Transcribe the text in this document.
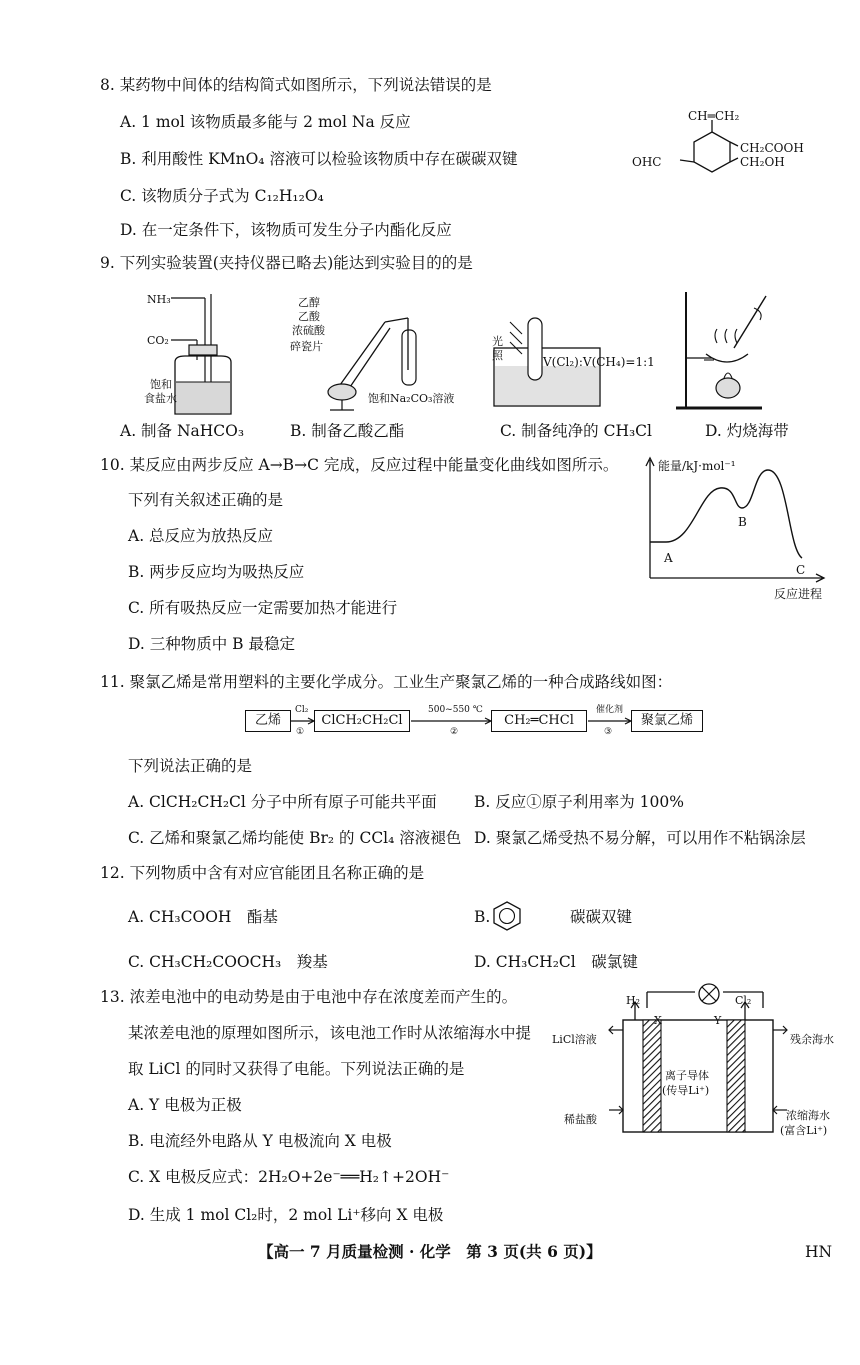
8. 某药物中间体的结构简式如图所示，下列说法错误的是
A. 1 mol 该物质最多能与 2 mol Na 反应
B. 利用酸性 KMnO₄ 溶液可以检验该物质中存在碳碳双键
C. 该物质分子式为 C₁₂H₁₂O₄
D. 在一定条件下，该物质可发生分子内酯化反应
CH═CH₂
CH₂COOH
OHC	CH₂OH
9. 下列实验装置(夹持仪器已略去)能达到实验目的的是
NH₃
CO₂
饱和
食盐水
乙醇
乙酸
浓硫酸
碎瓷片
饱和Na₂CO₃溶液
光
照	V(Cl₂):V(CH₄)=1:1
A. 制备 NaHCO₃	B. 制备乙酸乙酯	C. 制备纯净的 CH₃Cl	D. 灼烧海带
10. 某反应由两步反应 A→B→C 完成，反应过程中能量变化曲线如图所示。
下列有关叙述正确的是
A. 总反应为放热反应
B. 两步反应均为吸热反应
C. 所有吸热反应一定需要加热才能进行
D. 三种物质中 B 最稳定
能量/kJ·mol⁻¹
反应进程
A
B
C
11. 聚氯乙烯是常用塑料的主要化学成分。工业生产聚氯乙烯的一种合成路线如图：
乙烯	ClCH₂CH₂Cl	CH₂═CHCl	聚氯乙烯
Cl₂
①
500~550 ℃
②
催化剂
③
下列说法正确的是
A. ClCH₂CH₂Cl 分子中所有原子可能共平面 B. 反应①原子利用率为 100%
C. 乙烯和聚氯乙烯均能使 Br₂ 的 CCl₄ 溶液褪色 D. 聚氯乙烯受热不易分解，可以用作不粘锅涂层
12. 下列物质中含有对应官能团且名称正确的是
A. CH₃COOH　酯基	B.	碳碳双键
C. CH₃CH₂COOCH₃　羧基	D. CH₃CH₂Cl　碳氯键
13. 浓差电池中的电动势是由于电池中存在浓度差而产生的。
某浓差电池的原理如图所示，该电池工作时从浓缩海水中提
取 LiCl 的同时又获得了电能。下列说法正确的是
A. Y 电极为正极
B. 电流经外电路从 Y 电极流向 X 电极
C. X 电极反应式：2H₂O+2e⁻══H₂↑+2OH⁻
D. 生成 1 mol Cl₂时，2 mol Li⁺移向 X 电极
H₂	Cl₂
X	Y
LiCl溶液
稀盐酸
残余海水
浓缩海水
(富含Li⁺)
离子导体
(传导Li⁺)
【高一 7 月质量检测 · 化学　第 3 页(共 6 页)】	HN
